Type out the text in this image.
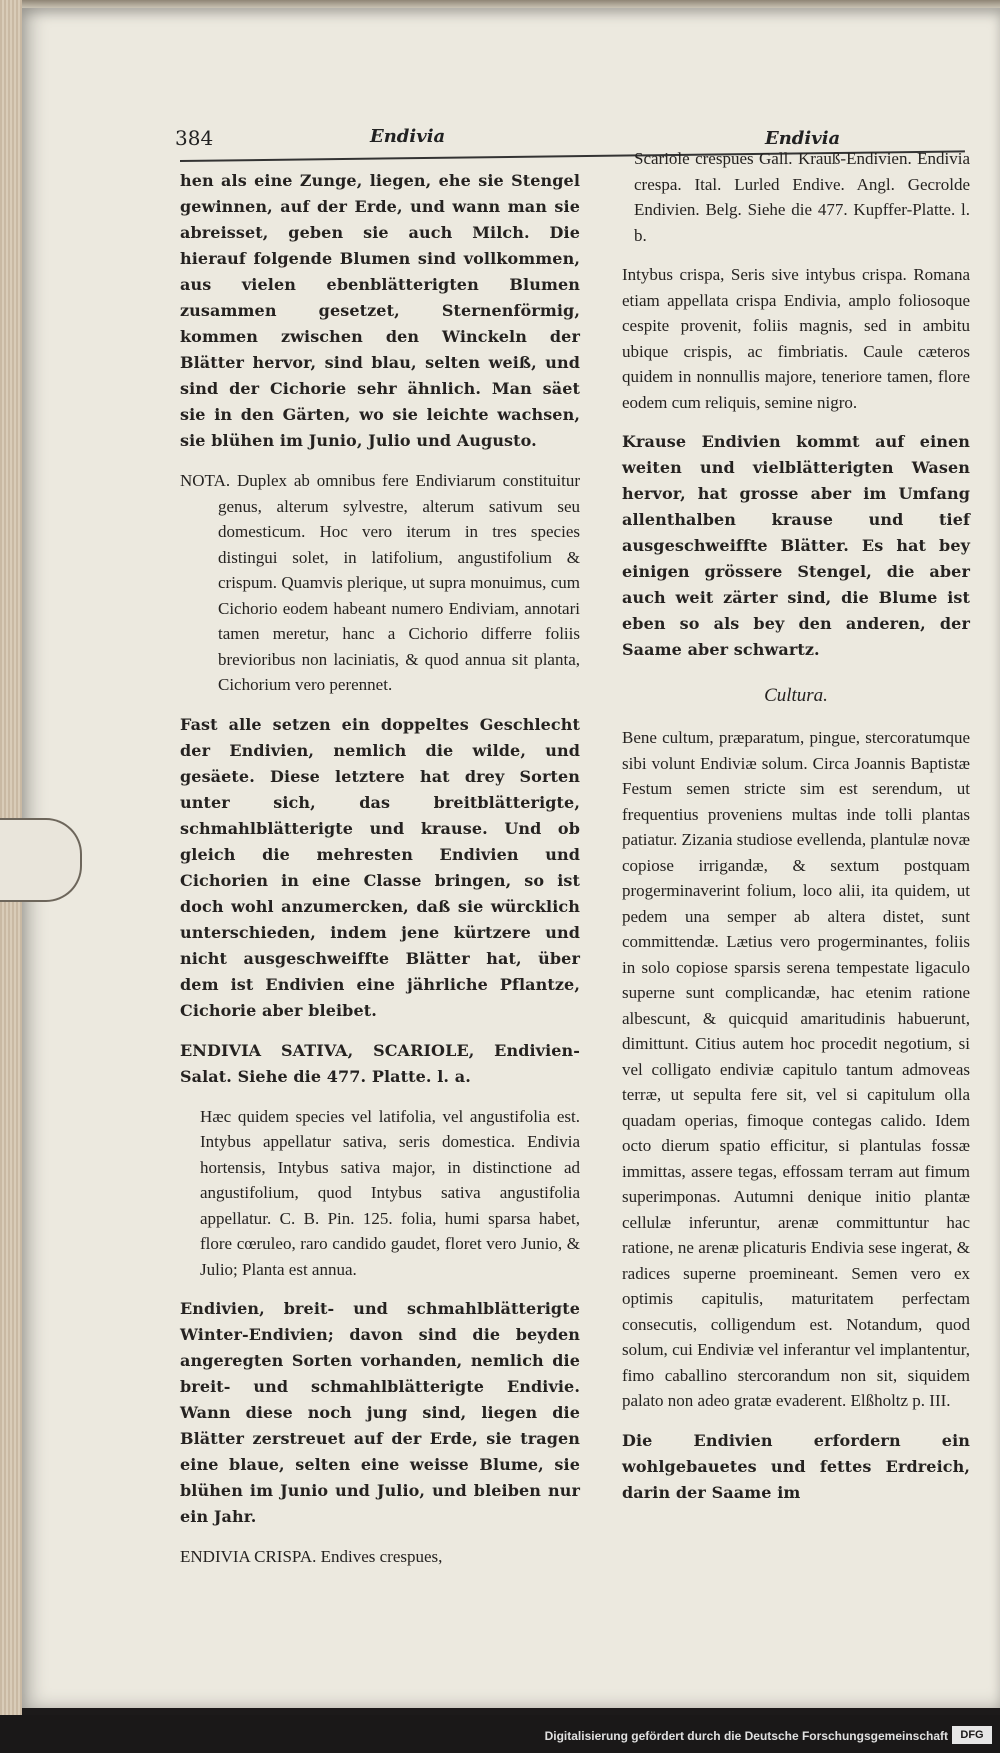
384	Endivia	Endivia

hen als eine Zunge, liegen, ehe sie Stengel gewinnen, auf der Erde, und wann man sie abreisset, geben sie auch Milch. Die hierauf folgende Blumen sind vollkommen, aus vielen ebenblätterigten Blumen zusammen gesetzet, Sternenförmig, kommen zwischen den Winckeln der Blätter hervor, sind blau, selten weiß, und sind der Cichorie sehr ähnlich. Man säet sie in den Gärten, wo sie leichte wachsen, sie blühen im Junio, Julio und Augusto.

NOTA. Duplex ab omnibus fere Endiviarum constituitur genus, alterum sylvestre, alterum sativum seu domesticum. Hoc vero iterum in tres species distingui solet, in latifolium, angustifolium & crispum. Quamvis plerique, ut supra monuimus, cum Cichorio eodem habeant numero Endiviam, annotari tamen meretur, hanc a Cichorio differre foliis brevioribus non laciniatis, & quod annua sit planta, Cichorium vero perennet.

Fast alle setzen ein doppeltes Geschlecht der Endivien, nemlich die wilde, und gesäete. Diese letztere hat drey Sorten unter sich, das breitblätterigte, schmahlblätterigte und krause. Und ob gleich die mehresten Endivien und Cichorien in eine Classe bringen, so ist doch wohl anzumercken, daß sie würcklich unterschieden, indem jene kürtzere und nicht ausgeschweiffte Blätter hat, über dem ist Endivien eine jährliche Pflantze, Cichorie aber bleibet.

ENDIVIA SATIVA, SCARIOLE, Endivien-Salat. Siehe die 477. Platte. l. a.

Hæc quidem species vel latifolia, vel angustifolia est. Intybus appellatur sativa, seris domestica. Endivia hortensis, Intybus sativa major, in distinctione ad angustifolium, quod Intybus sativa angustifolia appellatur. C. B. Pin. 125. folia, humi sparsa habet, flore cœruleo, raro candido gaudet, floret vero Junio, & Julio; Planta est annua.

Endivien, breit- und schmahlblätterigte Winter-Endivien; davon sind die beyden angeregten Sorten vorhanden, nemlich die breit- und schmahlblätterigte Endivie. Wann diese noch jung sind, liegen die Blätter zerstreuet auf der Erde, sie tragen eine blaue, selten eine weisse Blume, sie blühen im Junio und Julio, und bleiben nur ein Jahr.

ENDIVIA CRISPA. Endives crespues,

Scariole crespues Gall. Krauß-Endivien. Endivia crespa. Ital. Lurled Endive. Angl. Gecrolde Endivien. Belg. Siehe die 477. Kupffer-Platte. l. b.

Intybus crispa, Seris sive intybus crispa. Romana etiam appellata crispa Endivia, amplo foliosoque cespite provenit, foliis magnis, sed in ambitu ubique crispis, ac fimbriatis. Caule cæteros quidem in nonnullis majore, teneriore tamen, flore eodem cum reliquis, semine nigro.

Krause Endivien kommt auf einen weiten und vielblätterigten Wasen hervor, hat grosse aber im Umfang allenthalben krause und tief ausgeschweiffte Blätter. Es hat bey einigen grössere Stengel, die aber auch weit zärter sind, die Blume ist eben so als bey den anderen, der Saame aber schwartz.

Cultura.

Bene cultum, præparatum, pingue, stercoratumque sibi volunt Endiviæ solum. Circa Joannis Baptistæ Festum semen stricte sim est serendum, ut frequentius proveniens multas inde tolli plantas patiatur. Zizania studiose evellenda, plantulæ novæ copiose irrigandæ, & sextum postquam progerminaverint folium, loco alii, ita quidem, ut pedem una semper ab altera distet, sunt committendæ. Lætius vero progerminantes, foliis in solo copiose sparsis serena tempestate ligaculo superne sunt complicandæ, hac etenim ratione albescunt, & quicquid amaritudinis habuerunt, dimittunt. Citius autem hoc procedit negotium, si vel colligato endiviæ capitulo tantum admoveas terræ, ut sepulta fere sit, vel si capitulum olla quadam operias, fimoque contegas calido. Idem octo dierum spatio efficitur, si plantulas fossæ immittas, assere tegas, effossam terram aut fimum superimponas. Autumni denique initio plantæ cellulæ inferuntur, arenæ committuntur hac ratione, ne arenæ plicaturis Endivia sese ingerat, & radices superne proemineant. Semen vero ex optimis capitulis, maturitatem perfectam consecutis, colligendum est. Notandum, quod solum, cui Endiviæ vel inferantur vel implantentur, fimo caballino stercorandum non sit, siquidem palato non adeo gratæ evaderent. Elßholtz p. III.

Die Endivien erfordern ein wohlgebauetes und fettes Erdreich, darin der Saame im

Digitalisierung gefördert durch die Deutsche Forschungsgemeinschaft	DFG
